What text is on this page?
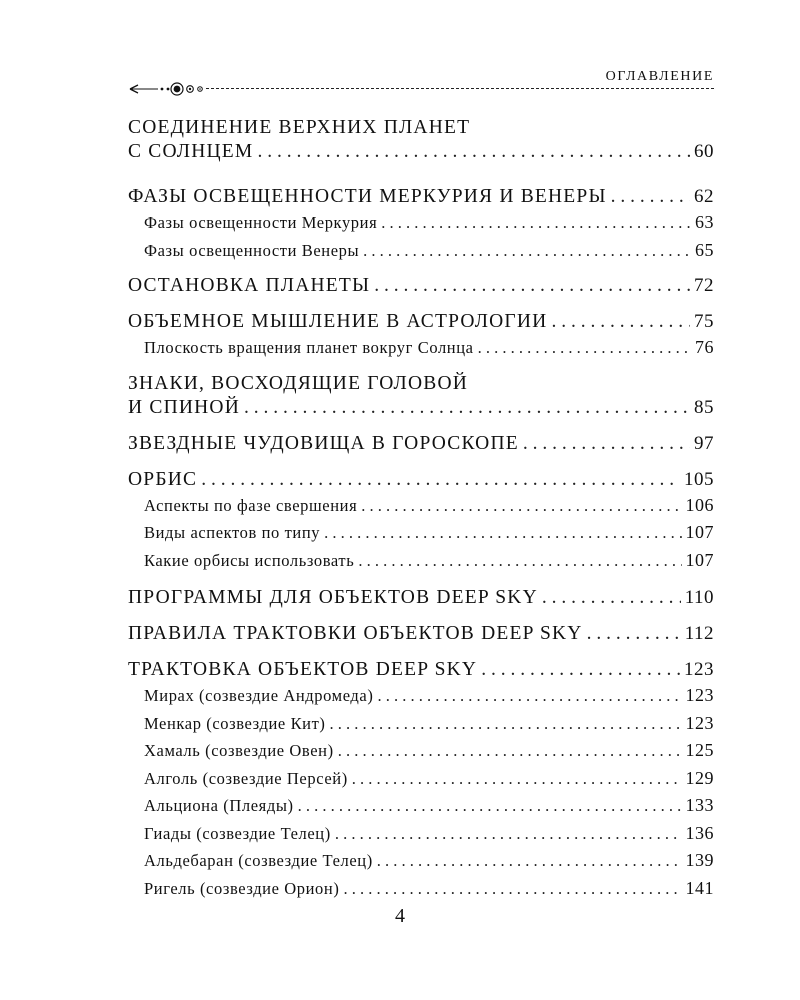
ОГЛАВЛЕНИЕ
СОЕДИНЕНИЕ ВЕРХНИХ ПЛАНЕТ
С СОЛНЦЕМ . . .	60
ФАЗЫ ОСВЕЩЕННОСТИ МЕРКУРИЯ И ВЕНЕРЫ . . .	62
Фазы освещенности Меркурия . . .	63
Фазы освещенности Венеры . . .	65
ОСТАНОВКА ПЛАНЕТЫ . . .	72
ОБЪЕМНОЕ МЫШЛЕНИЕ В АСТРОЛОГИИ . . .	75
Плоскость вращения планет вокруг Солнца . . .	76
ЗНАКИ, ВОСХОДЯЩИЕ ГОЛОВОЙ
И СПИНОЙ . . .	85
ЗВЕЗДНЫЕ ЧУДОВИЩА В ГОРОСКОПЕ . . .	97
ОРБИС . . .	105
Аспекты по фазе свершения . . .	106
Виды аспектов по типу . . .	107
Какие орбисы использовать . . .	107
ПРОГРАММЫ ДЛЯ ОБЪЕКТОВ DEEP SKY . . .	110
ПРАВИЛА ТРАКТОВКИ ОБЪЕКТОВ DEEP SKY . . .	112
ТРАКТОВКА ОБЪЕКТОВ DEEP SKY . . .	123
Мирах (созвездие Андромеда) . . .	123
Менкар (созвездие Кит) . . .	123
Хамаль (созвездие Овен) . . .	125
Алголь (созвездие Персей) . . .	129
Альциона (Плеяды) . . .	133
Гиады (созвездие Телец) . . .	136
Альдебаран (созвездие Телец) . . .	139
Ригель (созвездие Орион) . . .	141
4
